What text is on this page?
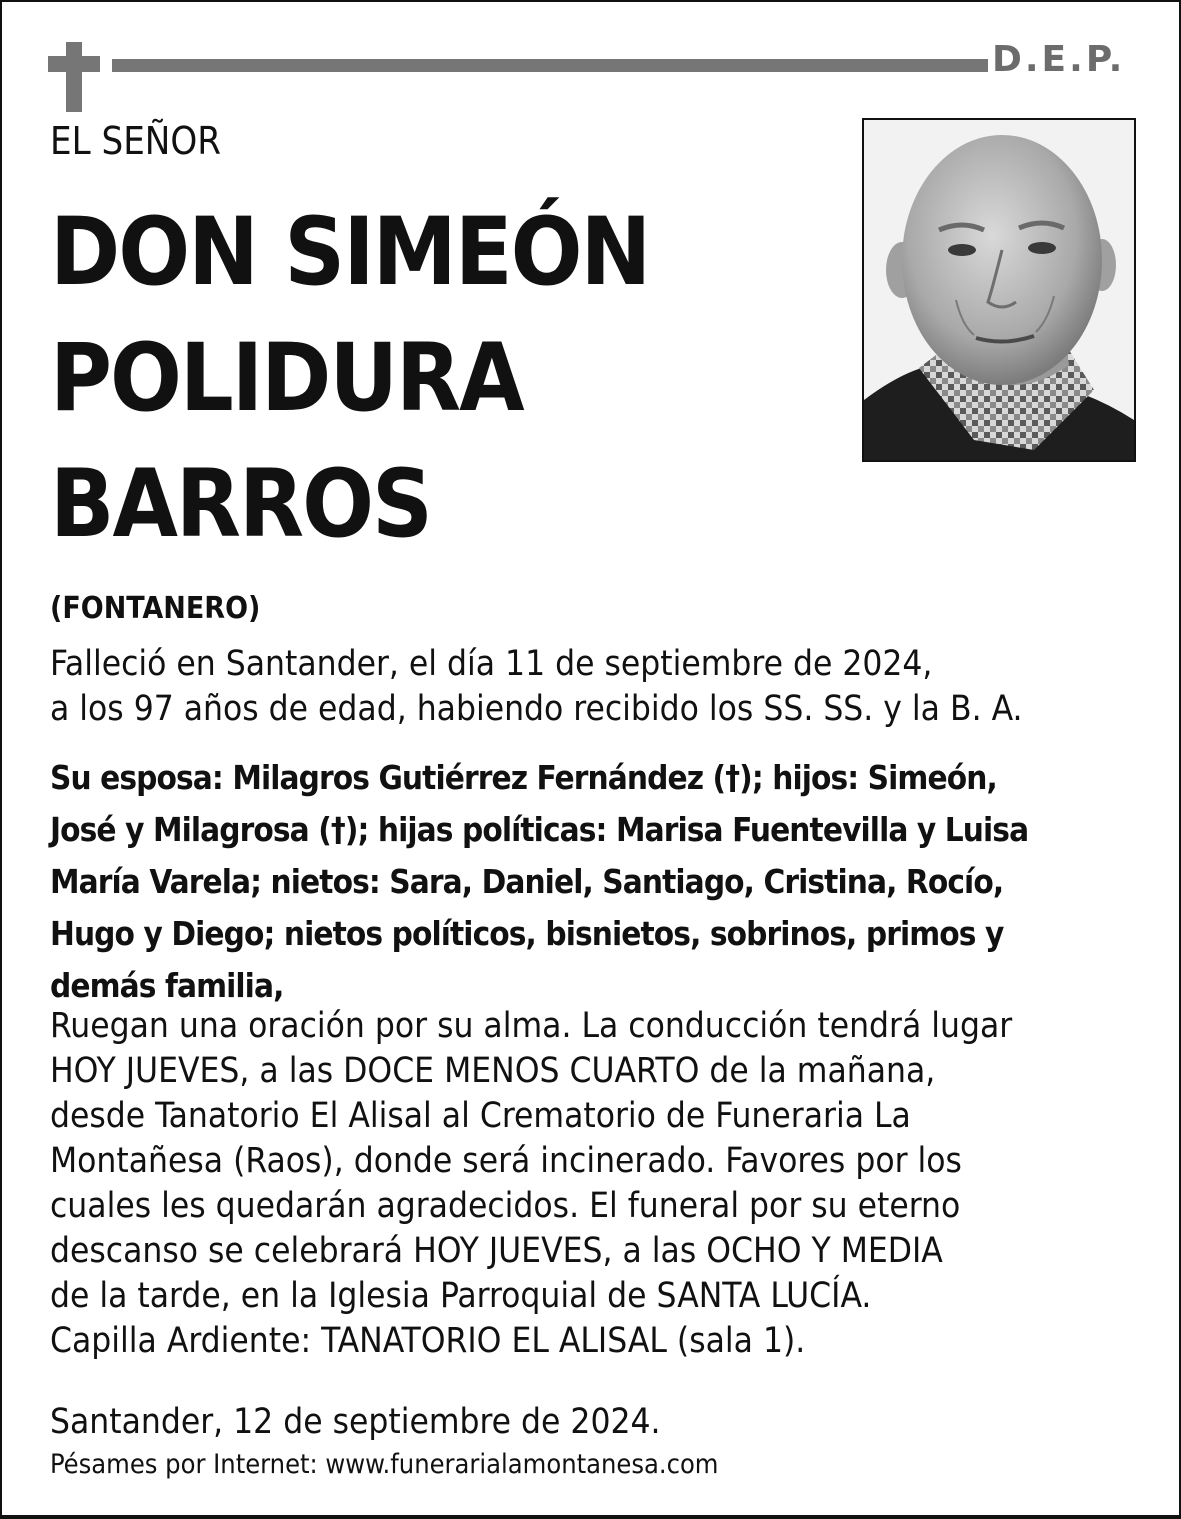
D.E.P.
EL SEÑOR
DON SIMEÓN
POLIDURA
BARROS
(FONTANERO)
Falleció en Santander, el día 11 de septiembre de 2024,
a los 97 años de edad, habiendo recibido los SS. SS. y la B. A.
Su esposa: Milagros Gutiérrez Fernández (†); hijos: Simeón,
José y Milagrosa (†); hijas políticas: Marisa Fuentevilla y Luisa
María Varela; nietos: Sara, Daniel, Santiago, Cristina, Rocío,
Hugo y Diego; nietos políticos, bisnietos, sobrinos, primos y
demás familia,
Ruegan una oración por su alma. La conducción tendrá lugar
HOY JUEVES, a las DOCE MENOS CUARTO de la mañana,
desde Tanatorio El Alisal al Crematorio de Funeraria La
Montañesa (Raos), donde será incinerado. Favores por los
cuales les quedarán agradecidos. El funeral por su eterno
descanso se celebrará HOY JUEVES, a las OCHO Y MEDIA
de la tarde, en la Iglesia Parroquial de SANTA LUCÍA.
Capilla Ardiente: TANATORIO EL ALISAL (sala 1).
Santander, 12 de septiembre de 2024.
Pésames por Internet: www.funerarialamontanesa.com
